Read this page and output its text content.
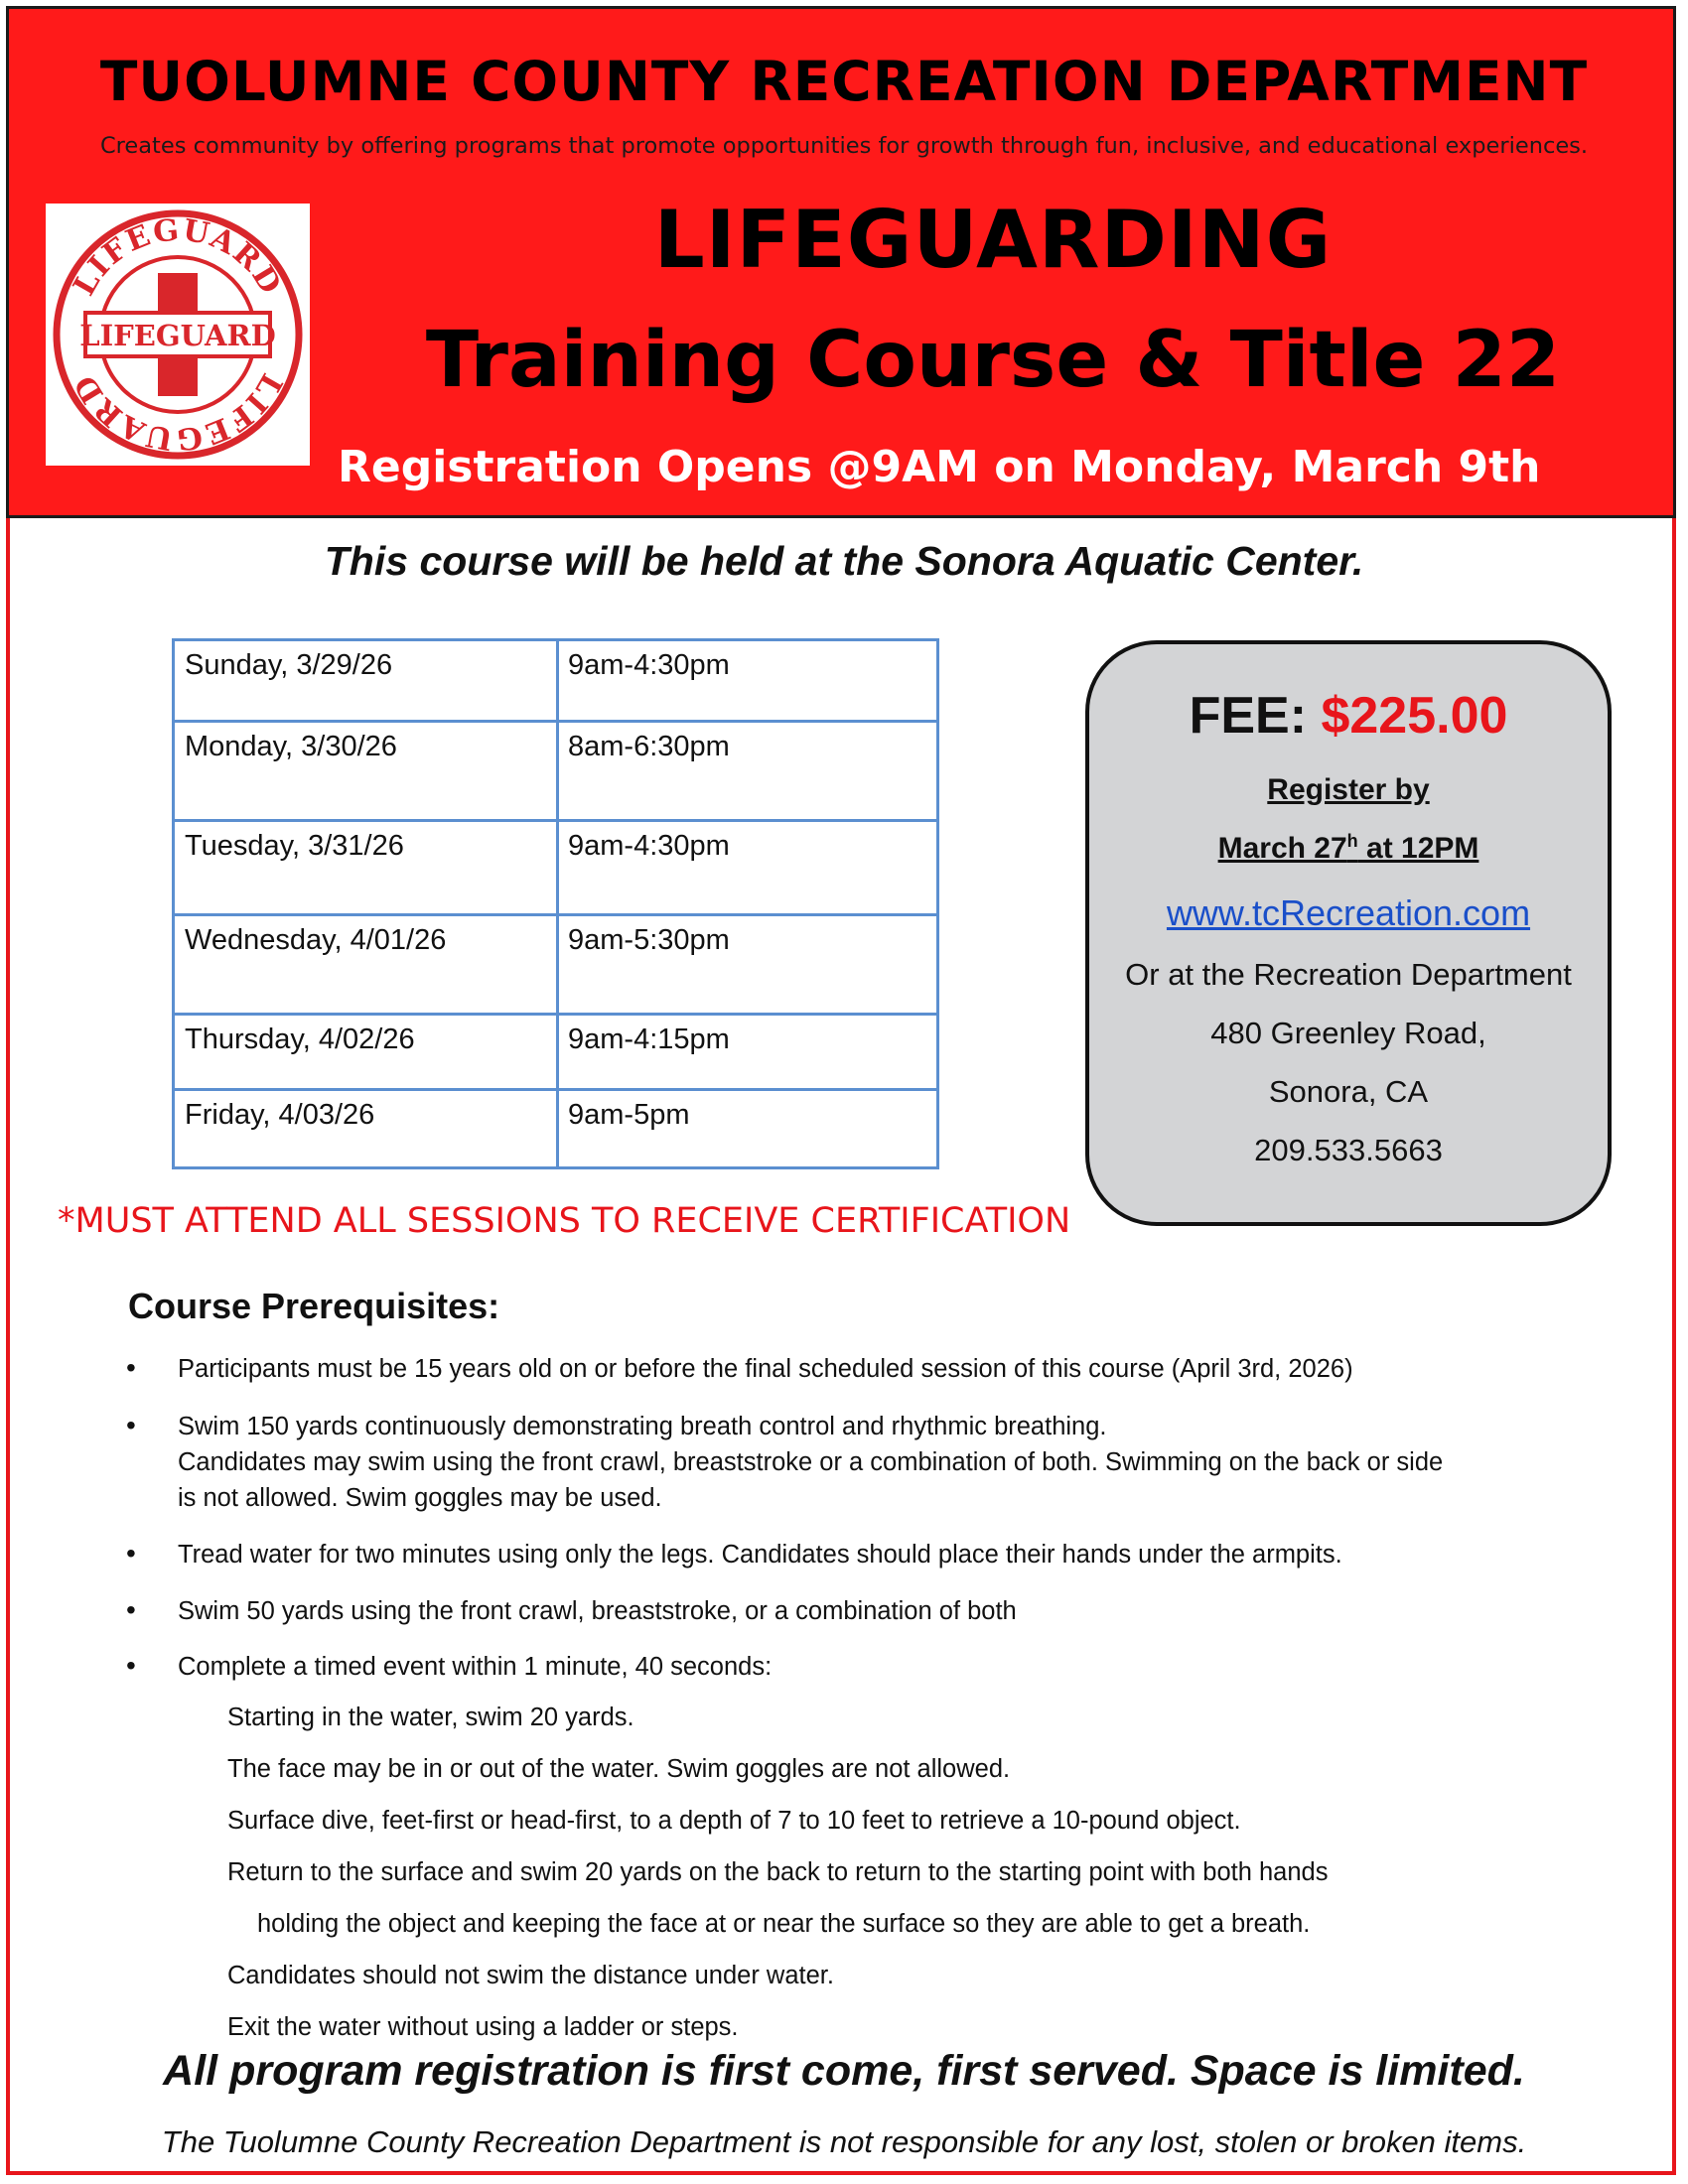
TUOLUMNE COUNTY RECREATION DEPARTMENT
Creates community by offering programs that promote opportunities for growth through fun, inclusive, and educational experiences.
LIFEGUARD
LIFEGUARD
LIFEGUARD
LIFEGUARDING
Training Course & Title 22
Registration Opens @9AM on Monday, March 9th
This course will be held at the Sonora Aquatic Center.
Sunday, 3/29/26	9am-4:30pm
Monday, 3/30/26	8am-6:30pm
Tuesday, 3/31/26	9am-4:30pm
Wednesday, 4/01/26	9am-5:30pm
Thursday, 4/02/26	9am-4:15pm
Friday, 4/03/26	9am-5pm
FEE: $225.00
Register by
March 27$^h$ at 12PM
www.tcRecreation.com
Or at the Recreation Department
480 Greenley Road,
Sonora, CA
209.533.5663
*MUST ATTEND ALL SESSIONS TO RECEIVE CERTIFICATION
Course Prerequisites:
• Participants must be 15 years old on or before the final scheduled session of this course (April 3rd, 2026)
• Swim 150 yards continuously demonstrating breath control and rhythmic breathing.
Candidates may swim using the front crawl, breaststroke or a combination of both. Swimming on the back or side
is not allowed. Swim goggles may be used.
• Tread water for two minutes using only the legs. Candidates should place their hands under the armpits.
• Swim 50 yards using the front crawl, breaststroke, or a combination of both
• Complete a timed event within 1 minute, 40 seconds:
Starting in the water, swim 20 yards.
The face may be in or out of the water. Swim goggles are not allowed.
Surface dive, feet-first or head-first, to a depth of 7 to 10 feet to retrieve a 10-pound object.
Return to the surface and swim 20 yards on the back to return to the starting point with both hands
holding the object and keeping the face at or near the surface so they are able to get a breath.
Candidates should not swim the distance under water.
Exit the water without using a ladder or steps.
All program registration is first come, first served. Space is limited.
The Tuolumne County Recreation Department is not responsible for any lost, stolen or broken items.
